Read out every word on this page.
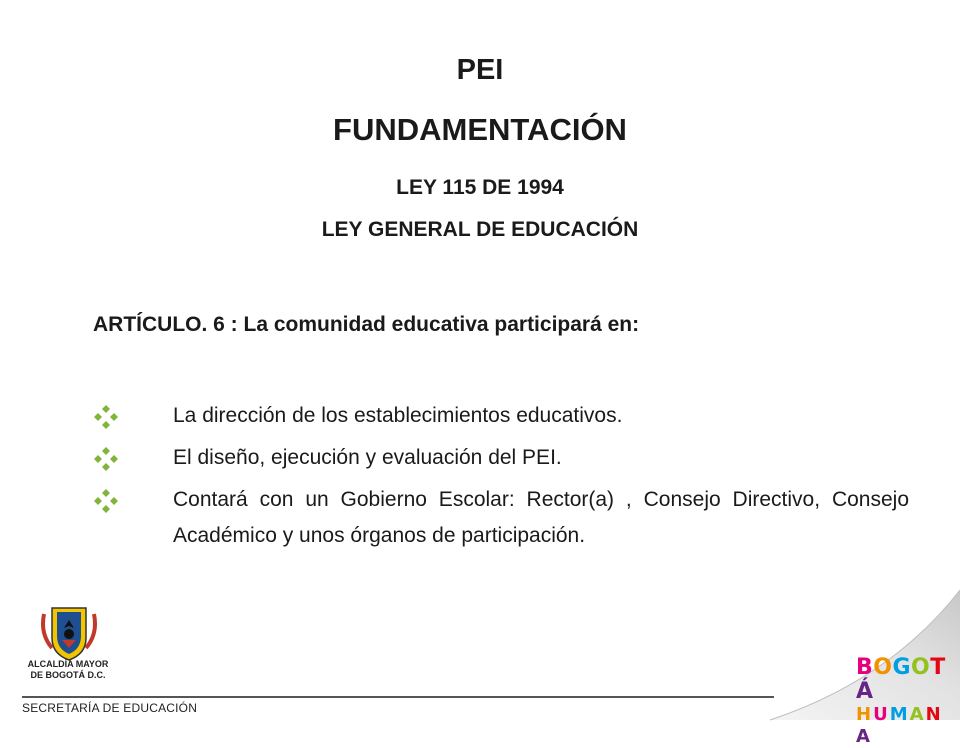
PEI
FUNDAMENTACIÓN
LEY 115 DE 1994
LEY GENERAL DE EDUCACIÓN
ARTÍCULO. 6 : La comunidad educativa participará en:
La dirección de los establecimientos educativos.
El diseño, ejecución y evaluación del PEI.
Contará con un Gobierno Escolar: Rector(a) , Consejo Directivo, Consejo Académico y unos órganos de participación.
ALCALDÍA MAYOR
DE BOGOTÁ D.C.
SECRETARÍA DE EDUCACIÓN
BOGOTÁ
HUMANA
